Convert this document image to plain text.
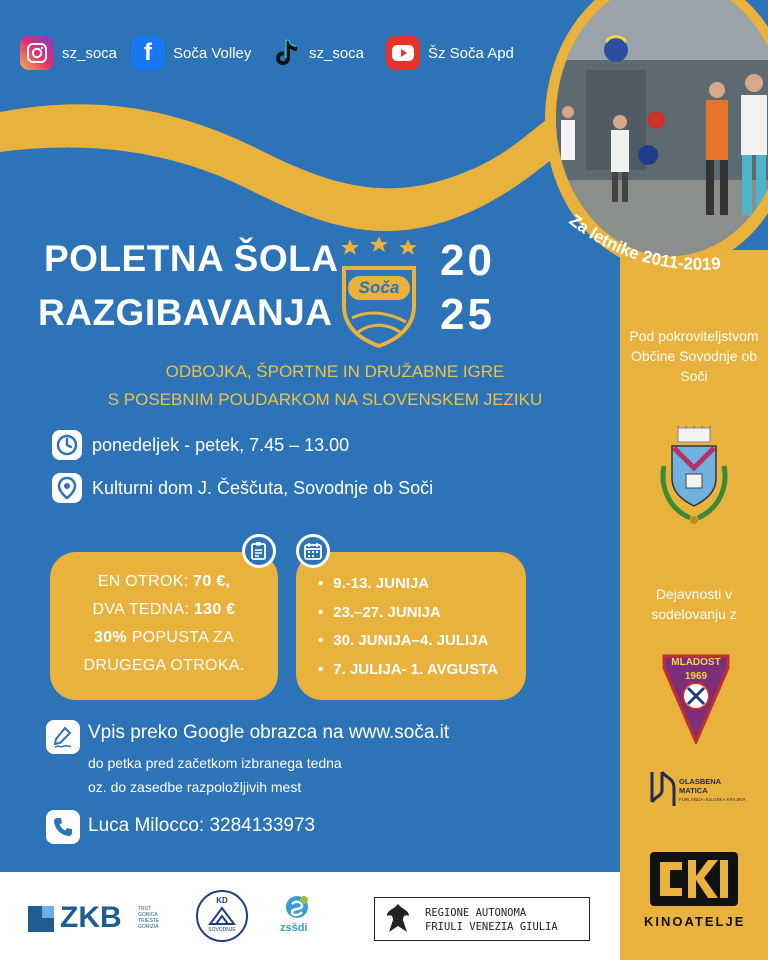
sz_soca f Soča Volley	sz_soca	Šz Soča Apd
Za letnike 2011-2019
POLETNA ŠOLA
RAZGIBAVANJA
20
25
Soča
ODBOJKA, ŠPORTNE IN DRUŽABNE IGRE
S POSEBNIM POUDARKOM NA SLOVENSKEM JEZIKU
ponedeljek - petek, 7.45 – 13.00
Kulturni dom J. Češčuta, Sovodnje ob Soči
EN OTROK: 70 €,
DVA TEDNA: 130 €
30% POPUSTA ZA
DRUGEGA OTROKA.
• 9.-13. JUNIJA
• 23.–27. JUNIJA
• 30. JUNIJA–4. JULIJA
• 7. JULIJA- 1. AVGUSTA
Vpis preko Google obrazca na www.soča.it
do petka pred začetkom izbranega tedna
oz. do zasedbe razpoložljivih mest
Luca Milocco: 3284133973
Pod pokroviteljstvom Občine Sovodnje ob Soči
Dejavnosti v sodelovanju z
MLADOST
1969
GLASBENA
MATICA
FURLANIJA-JULIJSKA KRAJINA
KINOATELJE
ZKB	TRST
GORICA
TRIESTE
GORIZIA
KD
SOVODNJE	zsšdi
REGIONE AUTONOMA
FRIULI VENEZIA GIULIA
